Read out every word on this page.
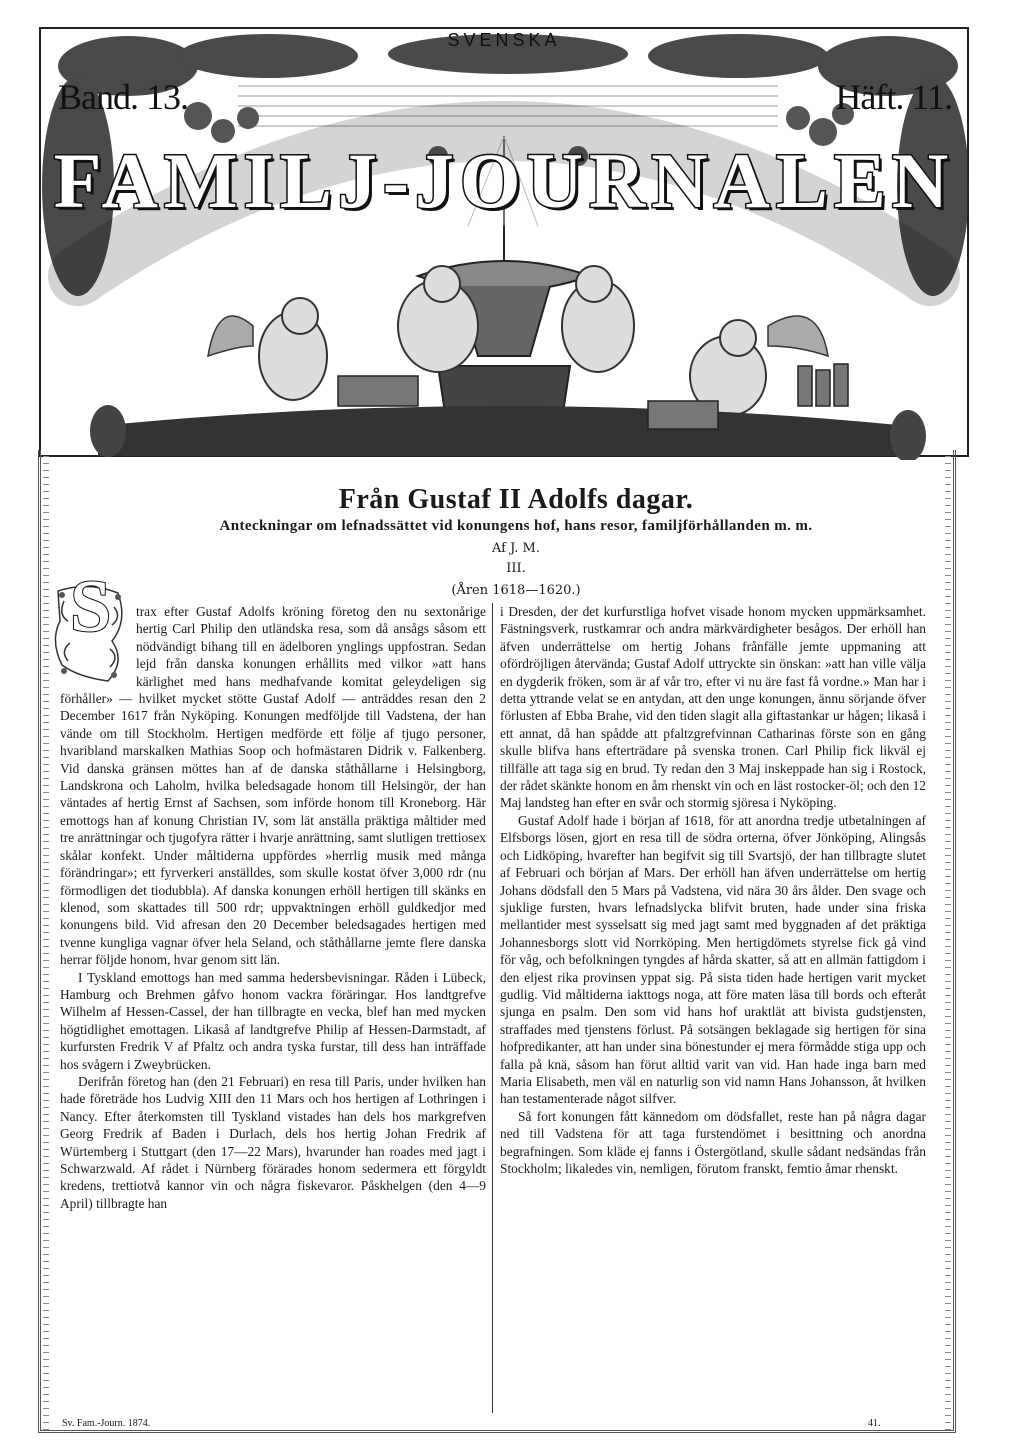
SVENSKA
Band. 13.	Häft. 11.
FAMILJ-JOURNALEN
Från Gustaf II Adolfs dagar.
Anteckningar om lefnadssättet vid konungens hof, hans resor, familjförhållanden m. m.
Af J. M.
III.
(Åren 1618—1620.)
S	trax efter Gustaf Adolfs kröning företog den nu sextonårige hertig Carl Philip den utländska resa, som då ansågs såsom ett nödvändigt bihang till en ädelboren ynglings uppfostran. Sedan lejd från danska konungen erhållits med vilkor »att hans kärlighet med hans medhafvande komitat geleydeligen sig förhåller» — hvilket mycket stötte Gustaf Adolf — anträddes resan den 2 December 1617 från Nyköping. Konungen medföljde till Vadstena, der han vände om till Stockholm. Hertigen medförde ett följe af tjugo personer, hvaribland marskalken Mathias Soop och hofmästaren Didrik v. Falkenberg. Vid danska gränsen möttes han af de danska ståthållarne i Helsingborg, Landskrona och Laholm, hvilka beledsagade honom till Helsingör, der han väntades af hertig Ernst af Sachsen, som införde honom till Kroneborg. Här emottogs han af konung Christian IV, som lät anställa präktiga måltider med tre anrättningar och tjugofyra rätter i hvarje anrättning, samt slutligen trettiosex skålar konfekt. Under måltiderna uppfördes »herrlig musik med många förändringar»; ett fyrverkeri anställdes, som skulle kostat öfver 3,000 rdr (nu förmodligen det tiodubbla). Af danska konungen erhöll hertigen till skänks en klenod, som skattades till 500 rdr; uppvaktningen erhöll guldkedjor med konungens bild. Vid afresan den 20 December beledsagades hertigen med tvenne kungliga vagnar öfver hela Seland, och ståthållarne jemte flere danska herrar följde honom, hvar genom sitt län.

I Tyskland emottogs han med samma hedersbevisningar. Råden i Lübeck, Hamburg och Brehmen gåfvo honom vackra föräringar. Hos landtgrefve Wilhelm af Hessen-Cassel, der han tillbragte en vecka, blef han med mycken högtidlighet emottagen. Likaså af landtgrefve Philip af Hessen-Darmstadt, af kurfursten Fredrik V af Pfaltz och andra tyska furstar, till dess han inträffade hos svågern i Zweybrücken.

Derifrån företog han (den 21 Februari) en resa till Paris, under hvilken han hade företräde hos Ludvig XIII den 11 Mars och hos hertigen af Lothringen i Nancy. Efter återkomsten till Tyskland vistades han dels hos markgrefven Georg Fredrik af Baden i Durlach, dels hos hertig Johan Fredrik af Würtemberg i Stuttgart (den 17—22 Mars), hvarunder han roades med jagt i Schwarzwald. Af rådet i Nürnberg förärades honom sedermera ett förgyldt kredens, trettiotvå kannor vin och några fiskevaror. Påskhelgen (den 4—9 April) tillbragte han

i Dresden, der det kurfurstliga hofvet visade honom mycken uppmärksamhet. Fästningsverk, rustkamrar och andra märkvärdigheter besågos. Der erhöll han äfven underrättelse om hertig Johans frånfälle jemte uppmaning att ofördröjligen återvända; Gustaf Adolf uttryckte sin önskan: »att han ville välja en dygderik fröken, som är af vår tro, efter vi nu äre fast få vordne.» Man har i detta yttrande velat se en antydan, att den unge konungen, ännu sörjande öfver förlusten af Ebba Brahe, vid den tiden slagit alla giftastankar ur hågen; likaså i ett annat, då han spådde att pfaltzgrefvinnan Catharinas förste son en gång skulle blifva hans efterträdare på svenska tronen. Carl Philip fick likväl ej tillfälle att taga sig en brud. Ty redan den 3 Maj inskeppade han sig i Rostock, der rådet skänkte honom en åm rhenskt vin och en läst rostocker-öl; och den 12 Maj landsteg han efter en svår och stormig sjöresa i Nyköping.

Gustaf Adolf hade i början af 1618, för att anordna tredje utbetalningen af Elfsborgs lösen, gjort en resa till de södra orterna, öfver Jönköping, Alingsås och Lidköping, hvarefter han begifvit sig till Svartsjö, der han tillbragte slutet af Februari och början af Mars. Der erhöll han äfven underrättelse om hertig Johans dödsfall den 5 Mars på Vadstena, vid nära 30 års ålder. Den svage och sjuklige fursten, hvars lefnadslycka blifvit bruten, hade under sina friska mellantider mest sysselsatt sig med jagt samt med byggnaden af det präktiga Johannesborgs slott vid Norrköping. Men hertigdömets styrelse fick gå vind för våg, och befolkningen tyngdes af hårda skatter, så att en allmän fattigdom i den eljest rika provinsen yppat sig. På sista tiden hade hertigen varit mycket gudlig. Vid måltiderna iakttogs noga, att före maten läsa till bords och efteråt sjunga en psalm. Den som vid hans hof uraktlät att bivista gudstjensten, straffades med tjenstens förlust. På sotsängen beklagade sig hertigen för sina hofpredikanter, att han under sina bönestunder ej mera förmådde stiga upp och falla på knä, såsom han förut alltid varit van vid. Han hade inga barn med Maria Elisabeth, men väl en naturlig son vid namn Hans Johansson, åt hvilken han testamenterade något silfver.

Så fort konungen fått kännedom om dödsfallet, reste han på några dagar ned till Vadstena för att taga furstendömet i besittning och anordna begrafningen. Som kläde ej fanns i Östergötland, skulle sådant nedsändas från Stockholm; likaledes vin, nemligen, förutom franskt, femtio åmar rhenskt.

Sv. Fam.-Journ. 1874.	41.
